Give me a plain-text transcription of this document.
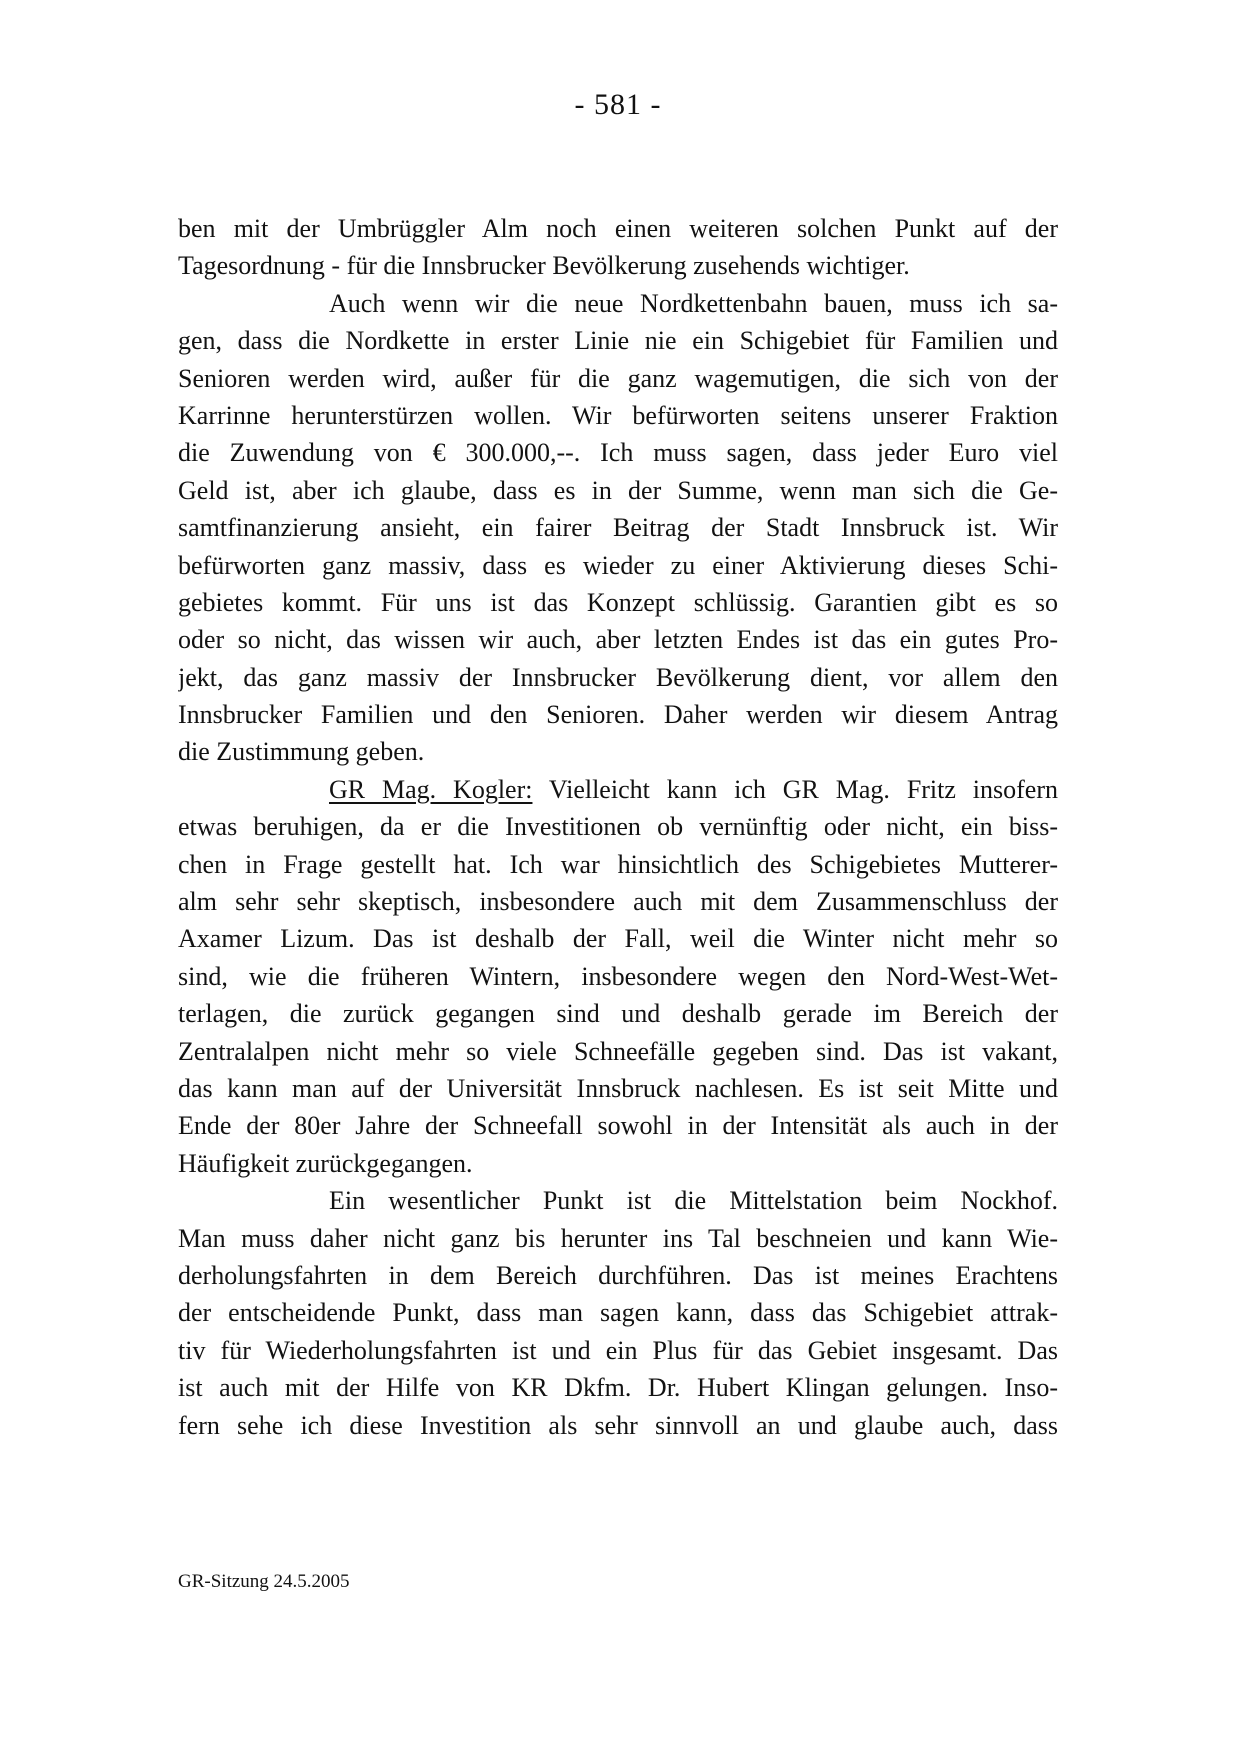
- 581 -
ben mit der Umbrüggler Alm noch einen weiteren solchen Punkt auf der
Tagesordnung - für die Innsbrucker Bevölkerung zusehends wichtiger.
Auch wenn wir die neue Nordkettenbahn bauen, muss ich sa-
gen, dass die Nordkette in erster Linie nie ein Schigebiet für Familien und
Senioren werden wird, außer für die ganz wagemutigen, die sich von der
Karrinne herunterstürzen wollen. Wir befürworten seitens unserer Fraktion
die Zuwendung von € 300.000,--. Ich muss sagen, dass jeder Euro viel
Geld ist, aber ich glaube, dass es in der Summe, wenn man sich die Ge-
samtfinanzierung ansieht, ein fairer Beitrag der Stadt Innsbruck ist. Wir
befürworten ganz massiv, dass es wieder zu einer Aktivierung dieses Schi-
gebietes kommt. Für uns ist das Konzept schlüssig. Garantien gibt es so
oder so nicht, das wissen wir auch, aber letzten Endes ist das ein gutes Pro-
jekt, das ganz massiv der Innsbrucker Bevölkerung dient, vor allem den
Innsbrucker Familien und den Senioren. Daher werden wir diesem Antrag
die Zustimmung geben.
GR Mag. Kogler: Vielleicht kann ich GR Mag. Fritz insofern
etwas beruhigen, da er die Investitionen ob vernünftig oder nicht, ein biss-
chen in Frage gestellt hat. Ich war hinsichtlich des Schigebietes Mutterer-
alm sehr sehr skeptisch, insbesondere auch mit dem Zusammenschluss der
Axamer Lizum. Das ist deshalb der Fall, weil die Winter nicht mehr so
sind, wie die früheren Wintern, insbesondere wegen den Nord-West-Wet-
terlagen, die zurück gegangen sind und deshalb gerade im Bereich der
Zentralalpen nicht mehr so viele Schneefälle gegeben sind. Das ist vakant,
das kann man auf der Universität Innsbruck nachlesen. Es ist seit Mitte und
Ende der 80er Jahre der Schneefall sowohl in der Intensität als auch in der
Häufigkeit zurückgegangen.
Ein wesentlicher Punkt ist die Mittelstation beim Nockhof.
Man muss daher nicht ganz bis herunter ins Tal beschneien und kann Wie-
derholungsfahrten in dem Bereich durchführen. Das ist meines Erachtens
der entscheidende Punkt, dass man sagen kann, dass das Schigebiet attrak-
tiv für Wiederholungsfahrten ist und ein Plus für das Gebiet insgesamt. Das
ist auch mit der Hilfe von KR Dkfm. Dr. Hubert Klingan gelungen. Inso-
fern sehe ich diese Investition als sehr sinnvoll an und glaube auch, dass
GR-Sitzung 24.5.2005
